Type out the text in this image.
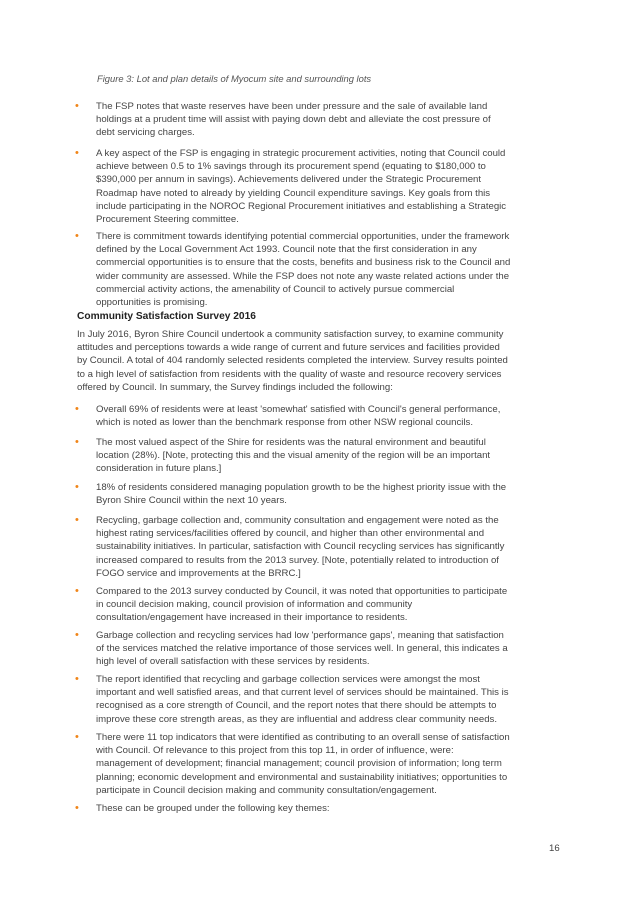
Figure 3: Lot and plan details of Myocum site and surrounding lots
• The FSP notes that waste reserves have been under pressure and the sale of available land
holdings at a prudent time will assist with paying down debt and alleviate the cost pressure of
debt servicing charges.
• A key aspect of the FSP is engaging in strategic procurement activities, noting that Council could
achieve between 0.5 to 1% savings through its procurement spend (equating to $180,000 to
$390,000 per annum in savings). Achievements delivered under the Strategic Procurement
Roadmap have noted to already by yielding Council expenditure savings. Key goals from this
include participating in the NOROC Regional Procurement initiatives and establishing a Strategic
Procurement Steering committee.
• There is commitment towards identifying potential commercial opportunities, under the framework
defined by the Local Government Act 1993. Council note that the first consideration in any
commercial opportunities is to ensure that the costs, benefits and business risk to the Council and
wider community are assessed. While the FSP does not note any waste related actions under the
commercial activity actions, the amenability of Council to actively pursue commercial
opportunities is promising.
Community Satisfaction Survey 2016
In July 2016, Byron Shire Council undertook a community satisfaction survey, to examine community
attitudes and perceptions towards a wide range of current and future services and facilities provided
by Council. A total of 404 randomly selected residents completed the interview. Survey results pointed
to a high level of satisfaction from residents with the quality of waste and resource recovery services
offered by Council. In summary, the Survey findings included the following:
• Overall 69% of residents were at least 'somewhat' satisfied with Council's general performance,
which is noted as lower than the benchmark response from other NSW regional councils.
• The most valued aspect of the Shire for residents was the natural environment and beautiful
location (28%). [Note, protecting this and the visual amenity of the region will be an important
consideration in future plans.]
• 18% of residents considered managing population growth to be the highest priority issue with the
Byron Shire Council within the next 10 years.
• Recycling, garbage collection and, community consultation and engagement were noted as the
highest rating services/facilities offered by council, and higher than other environmental and
sustainability initiatives. In particular, satisfaction with Council recycling services has significantly
increased compared to results from the 2013 survey. [Note, potentially related to introduction of
FOGO service and improvements at the BRRC.]
• Compared to the 2013 survey conducted by Council, it was noted that opportunities to participate
in council decision making, council provision of information and community
consultation/engagement have increased in their importance to residents.
• Garbage collection and recycling services had low 'performance gaps', meaning that satisfaction
of the services matched the relative importance of those services well. In general, this indicates a
high level of overall satisfaction with these services by residents.
• The report identified that recycling and garbage collection services were amongst the most
important and well satisfied areas, and that current level of services should be maintained. This is
recognised as a core strength of Council, and the report notes that there should be attempts to
improve these core strength areas, as they are influential and address clear community needs.
• There were 11 top indicators that were identified as contributing to an overall sense of satisfaction
with Council. Of relevance to this project from this top 11, in order of influence, were:
management of development; financial management; council provision of information; long term
planning; economic development and environmental and sustainability initiatives; opportunities to
participate in Council decision making and community consultation/engagement.
• These can be grouped under the following key themes:
16
